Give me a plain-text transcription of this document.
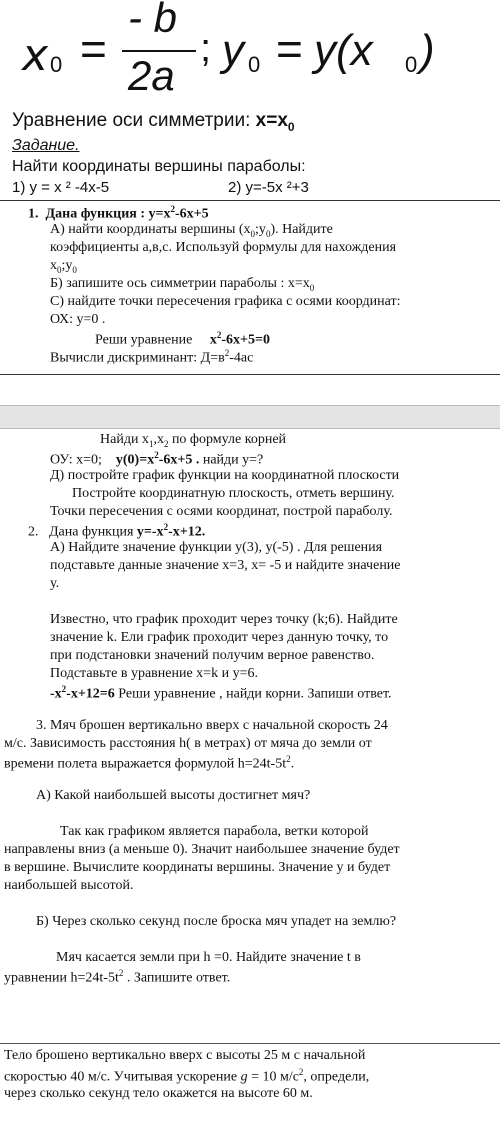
x 0 =
- b
2a
; y 0 = y(x 0 )
Уравнение оси симметрии: $x=x_0$
Задание.
Найти координаты вершины параболы:
1) y = x ² -4x-5	2) y=-5x ²+3
1. Дана функция : $y=x^2-6x+5$
А) найти координаты вершины $(x_0;y_0)$. Найдите
коэффициенты а,в,с. Используй формулы для нахождения
$x_0;y_0$
Б) запишите ось симметрии параболы : $x=x_0$
С) найдите точки пересечения графика с осями координат:
ОХ: у=0 .
Реши уравнение $x^2-6x+5=0$
Вычисли дискриминант: $Д=в^2-4ас$
Найди $х_1,х_2$ по формуле корней
ОУ: х=0; $у(0)=х^2-6х+5$ . найди у=?
Д) постройте график функции на координатной плоскости
Постройте координатную плоскость, отметь вершину.
Точки пересечения с осями координат, построй параболу.
2. Дана функция $y=-x^2-x+12$.
А) Найдите значение функции у(3), у(-5) . Для решения
подставьте данные значение х=3, х= -5 и найдите значение
у.
Известно, что график проходит через точку (k;6). Найдите
значение k. Ели график проходит через данную точку, то
при подстановки значений получим верное равенство.
Подставьте в уравнение х=k и у=6.
$-x^2-x+12=6$ Реши уравнение , найди корни. Запиши ответ.
3. Мяч брошен вертикально вверх с начальной скорость 24
м/с. Зависимость расстояния h( в метрах) от мяча до земли от
времени полета выражается формулой $h=24t-5t^2$.
А) Какой наибольшей высоты достигнет мяч?
Так как графиком является парабола, ветки которой
направлены вниз (а меньше 0). Значит наибольшее значение будет
в вершине. Вычислите координаты вершины. Значение у и будет
наибольшей высотой.
Б) Через сколько секунд после броска мяч упадет на землю?
Мяч касается земли при h =0. Найдите значение t в
уравнении $h=24t-5t^2$ . Запишите ответ.
Тело брошено вертикально вверх с высоты 25 м с начальной
скоростью 40 м/с. Учитывая ускорение g = 10 $м/с^2$, определи,
через сколько секунд тело окажется на высоте 60 м.
